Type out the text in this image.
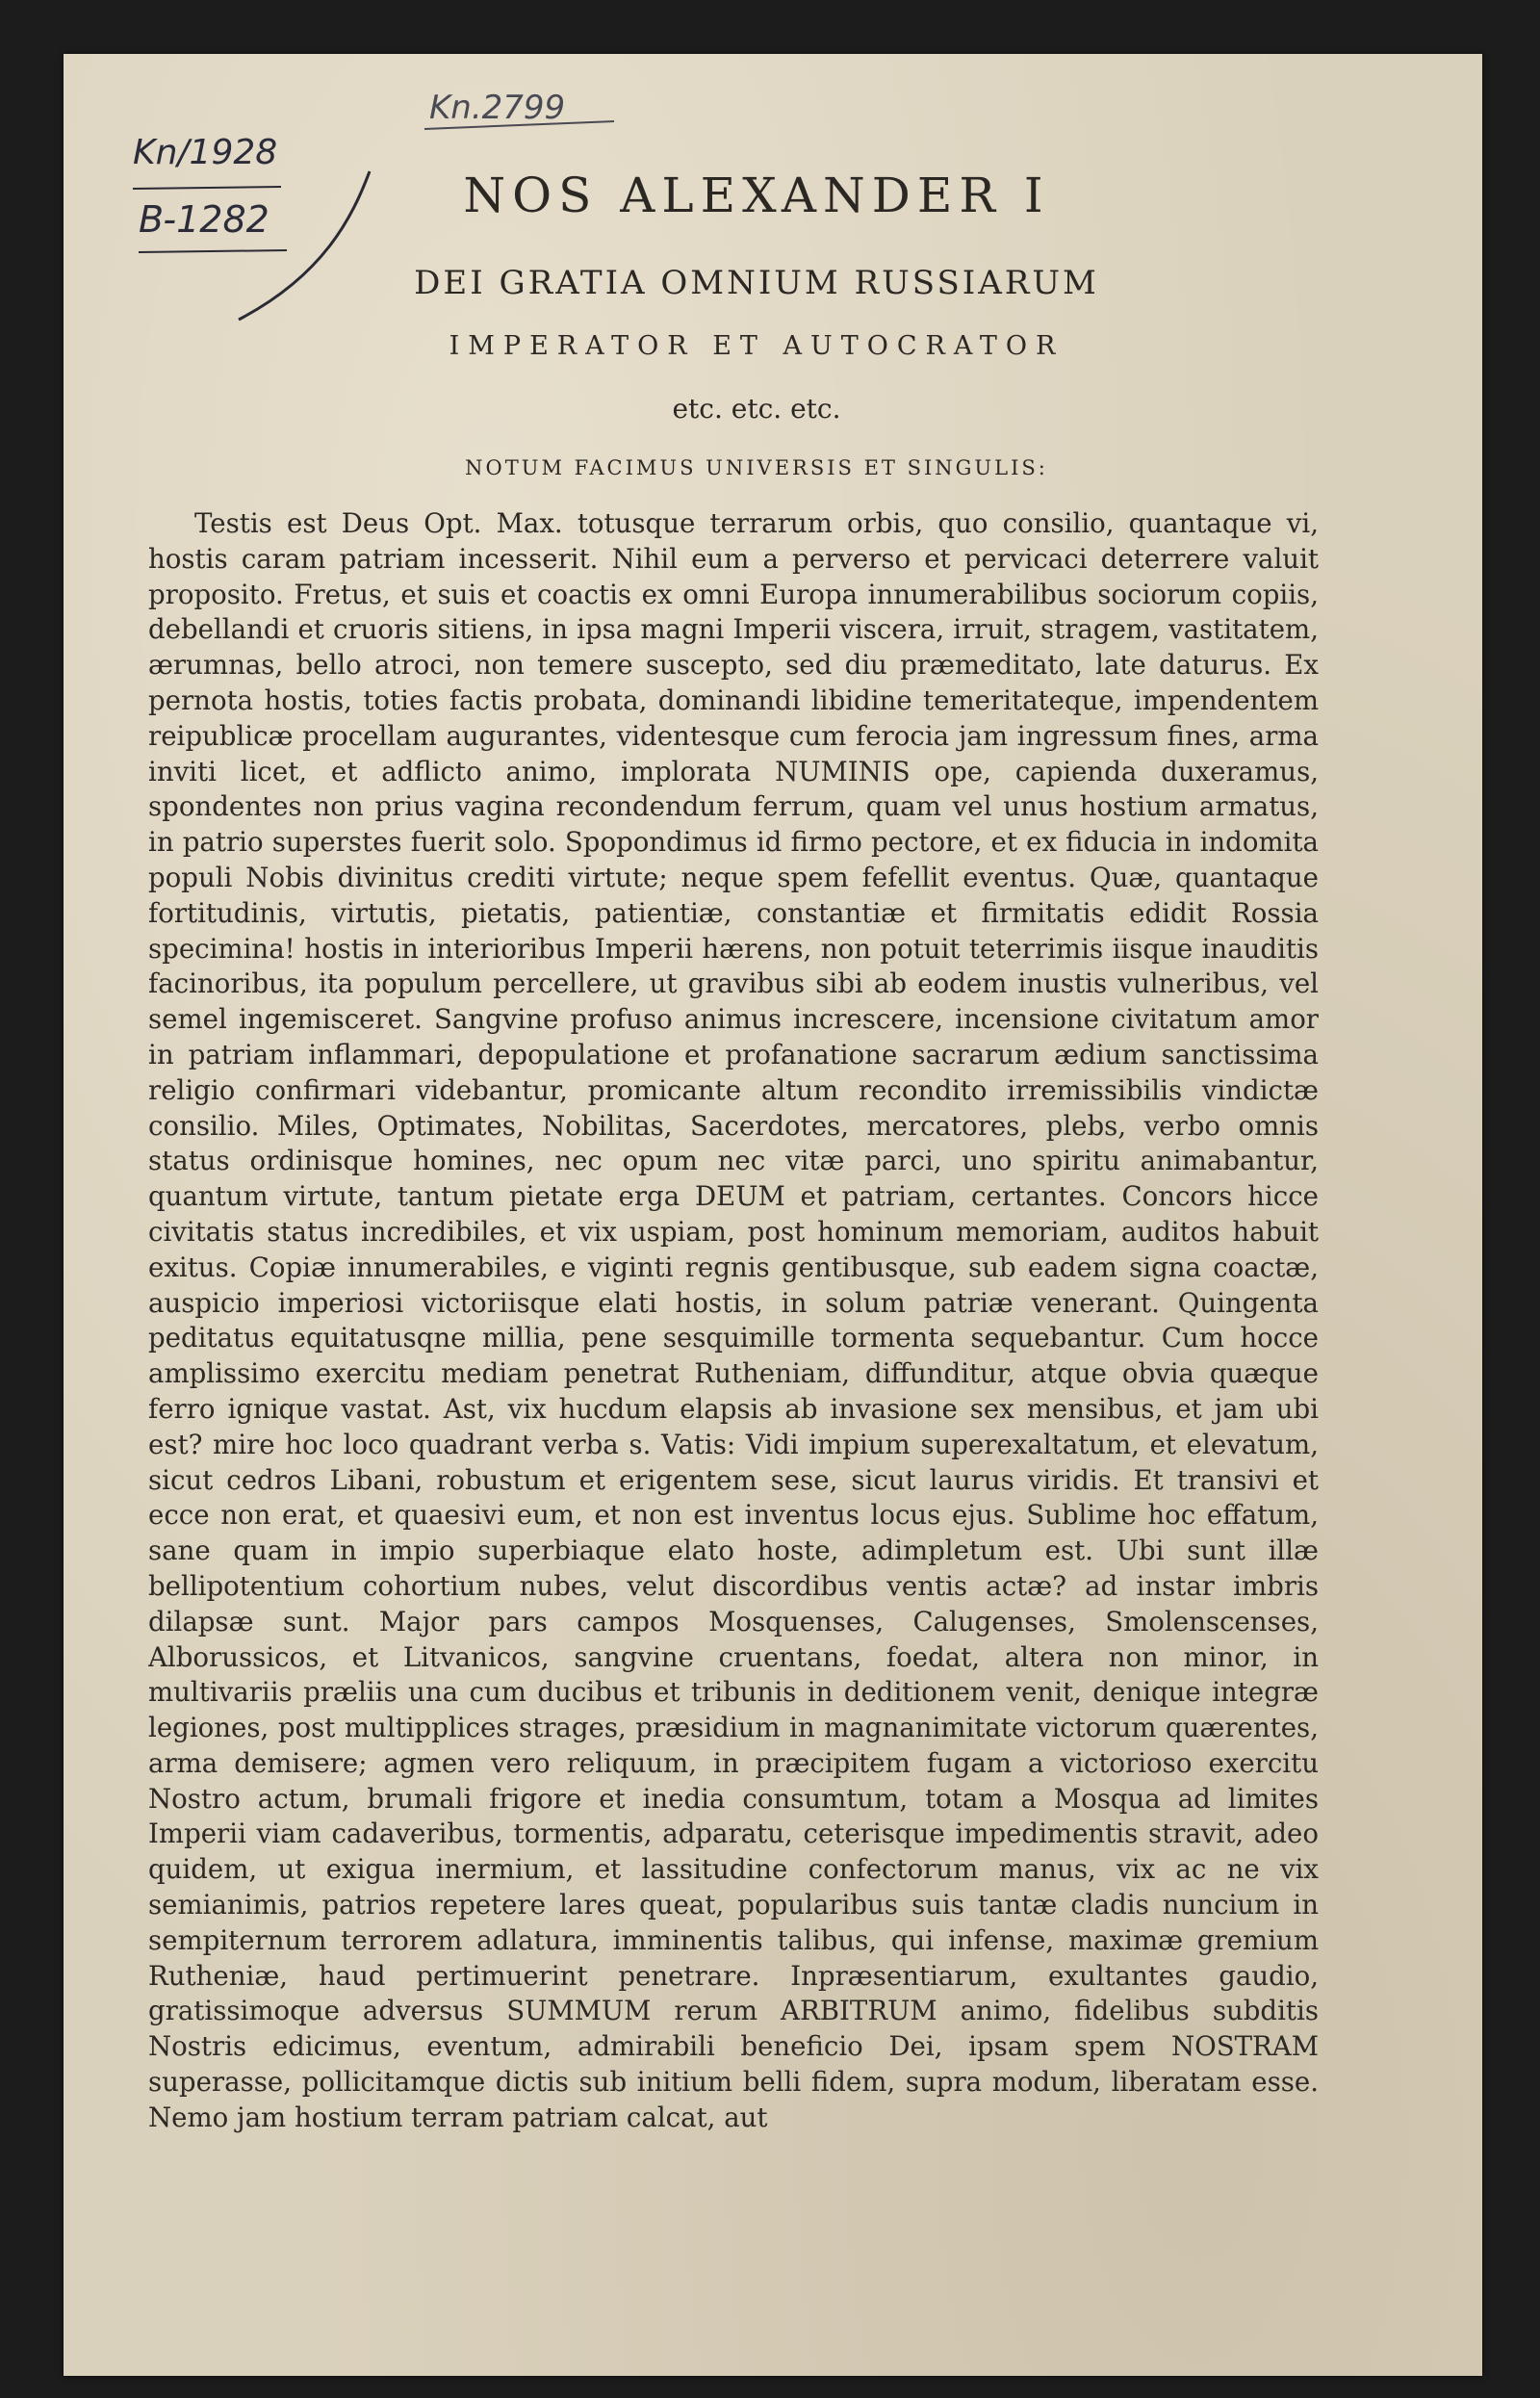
Kn/1928
B-1282
Kn.2799
NOS ALEXANDER I
DEI GRATIA OMNIUM RUSSIARUM
IMPERATOR ET AUTOCRATOR
etc. etc. etc.
NOTUM FACIMUS UNIVERSIS ET SINGULIS:
Testis est Deus Opt. Max. totusque terrarum orbis, quo consilio, quantaque vi, hostis caram patriam incesserit. Nihil eum a perverso et pervicaci deterrere valuit proposito. Fretus, et suis et coactis ex omni Europa innumerabilibus sociorum copiis, debellandi et cruoris sitiens, in ipsa magni Imperii viscera, irruit, stragem, vastitatem, ærumnas, bello atroci, non temere suscepto, sed diu præmeditato, late daturus. Ex pernota hostis, toties factis probata, dominandi libidine temeritateque, impendentem reipublicæ procellam augurantes, videntesque cum ferocia jam ingressum fines, arma inviti licet, et adflicto animo, implorata NUMINIS ope, capienda duxeramus, spondentes non prius vagina recondendum ferrum, quam vel unus hostium armatus, in patrio superstes fuerit solo. Spopondimus id firmo pectore, et ex fiducia in indomita populi Nobis divinitus crediti virtute; neque spem fefellit eventus. Quæ, quantaque fortitudinis, virtutis, pietatis, patientiæ, constantiæ et firmitatis edidit Rossia specimina! hostis in interioribus Imperii hærens, non potuit teterrimis iisque inauditis facinoribus, ita populum percellere, ut gravibus sibi ab eodem inustis vulneribus, vel semel ingemisceret. Sangvine profuso animus increscere, incensione civitatum amor in patriam inflammari, depopulatione et profanatione sacrarum ædium sanctissima religio confirmari videbantur, promicante altum recondito irremissibilis vindictæ consilio. Miles, Optimates, Nobilitas, Sacerdotes, mercatores, plebs, verbo omnis status ordinisque homines, nec opum nec vitæ parci, uno spiritu animabantur, quantum virtute, tantum pietate erga DEUM et patriam, certantes. Concors hicce civitatis status incredibiles, et vix uspiam, post hominum memoriam, auditos habuit exitus. Copiæ innumerabiles, e viginti regnis gentibusque, sub eadem signa coactæ, auspicio imperiosi victoriisque elati hostis, in solum patriæ venerant. Quingenta peditatus equitatusqne millia, pene sesquimille tormenta sequebantur. Cum hocce amplissimo exercitu mediam penetrat Rutheniam, diffunditur, atque obvia quæque ferro ignique vastat. Ast, vix hucdum elapsis ab invasione sex mensibus, et jam ubi est? mire hoc loco quadrant verba s. Vatis: Vidi impium superexaltatum, et elevatum, sicut cedros Libani, robustum et erigentem sese, sicut laurus viridis. Et transivi et ecce non erat, et quaesivi eum, et non est inventus locus ejus. Sublime hoc effatum, sane quam in impio superbiaque elato hoste, adimpletum est. Ubi sunt illæ bellipotentium cohortium nubes, velut discordibus ventis actæ? ad instar imbris dilapsæ sunt. Major pars campos Mosquenses, Calugenses, Smolenscenses, Alborussicos, et Litvanicos, sangvine cruentans, foedat, altera non minor, in multivariis præliis una cum ducibus et tribunis in deditionem venit, denique integræ legiones, post multipplices strages, præsidium in magnanimitate victorum quærentes, arma demisere; agmen vero reliquum, in præcipitem fugam a victorioso exercitu Nostro actum, brumali frigore et inedia consumtum, totam a Mosqua ad limites Imperii viam cadaveribus, tormentis, adparatu, ceterisque impedimentis stravit, adeo quidem, ut exigua inermium, et lassitudine confectorum manus, vix ac ne vix semianimis, patrios repetere lares queat, popularibus suis tantæ cladis nuncium in sempiternum terrorem adlatura, imminentis talibus, qui infense, maximæ gremium Rutheniæ, haud pertimuerint penetrare. Inpræsentiarum, exultantes gaudio, gratissimoque adversus SUMMUM rerum ARBITRUM animo, fidelibus subditis Nostris edicimus, eventum, admirabili beneficio Dei, ipsam spem NOSTRAM superasse, pollicitamque dictis sub initium belli fidem, supra modum, liberatam esse. Nemo jam hostium terram patriam calcat, aut
